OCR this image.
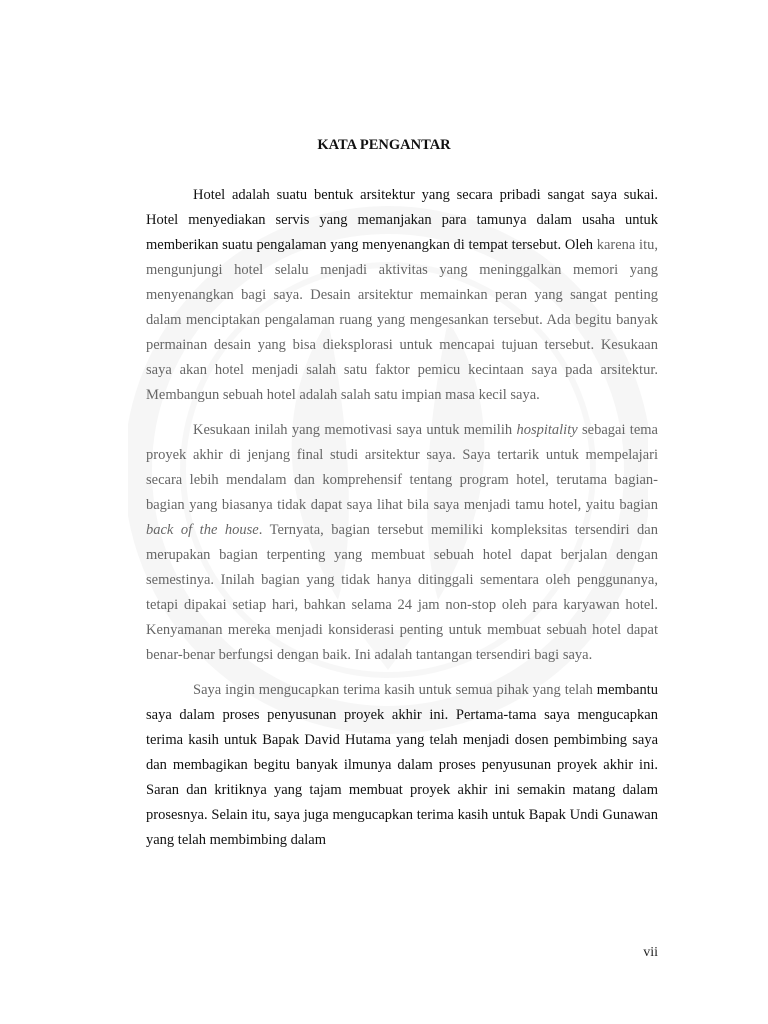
KATA PENGANTAR

Hotel adalah suatu bentuk arsitektur yang secara pribadi sangat saya sukai. Hotel menyediakan servis yang memanjakan para tamunya dalam usaha untuk memberikan suatu pengalaman yang menyenangkan di tempat tersebut. Oleh karena itu, mengunjungi hotel selalu menjadi aktivitas yang meninggalkan memori yang menyenangkan bagi saya. Desain arsitektur memainkan peran yang sangat penting dalam menciptakan pengalaman ruang yang mengesankan tersebut. Ada begitu banyak permainan desain yang bisa dieksplorasi untuk mencapai tujuan tersebut. Kesukaan saya akan hotel menjadi salah satu faktor pemicu kecintaan saya pada arsitektur. Membangun sebuah hotel adalah salah satu impian masa kecil saya.

Kesukaan inilah yang memotivasi saya untuk memilih hospitality sebagai tema proyek akhir di jenjang final studi arsitektur saya. Saya tertarik untuk mempelajari secara lebih mendalam dan komprehensif tentang program hotel, terutama bagian-bagian yang biasanya tidak dapat saya lihat bila saya menjadi tamu hotel, yaitu bagian back of the house. Ternyata, bagian tersebut memiliki kompleksitas tersendiri dan merupakan bagian terpenting yang membuat sebuah hotel dapat berjalan dengan semestinya. Inilah bagian yang tidak hanya ditinggali sementara oleh penggunanya, tetapi dipakai setiap hari, bahkan selama 24 jam non-stop oleh para karyawan hotel. Kenyamanan mereka menjadi konsiderasi penting untuk membuat sebuah hotel dapat benar-benar berfungsi dengan baik. Ini adalah tantangan tersendiri bagi saya.

Saya ingin mengucapkan terima kasih untuk semua pihak yang telah membantu saya dalam proses penyusunan proyek akhir ini. Pertama-tama saya mengucapkan terima kasih untuk Bapak David Hutama yang telah menjadi dosen pembimbing saya dan membagikan begitu banyak ilmunya dalam proses penyusunan proyek akhir ini. Saran dan kritiknya yang tajam membuat proyek akhir ini semakin matang dalam prosesnya. Selain itu, saya juga mengucapkan terima kasih untuk Bapak Undi Gunawan yang telah membimbing dalam

vii
